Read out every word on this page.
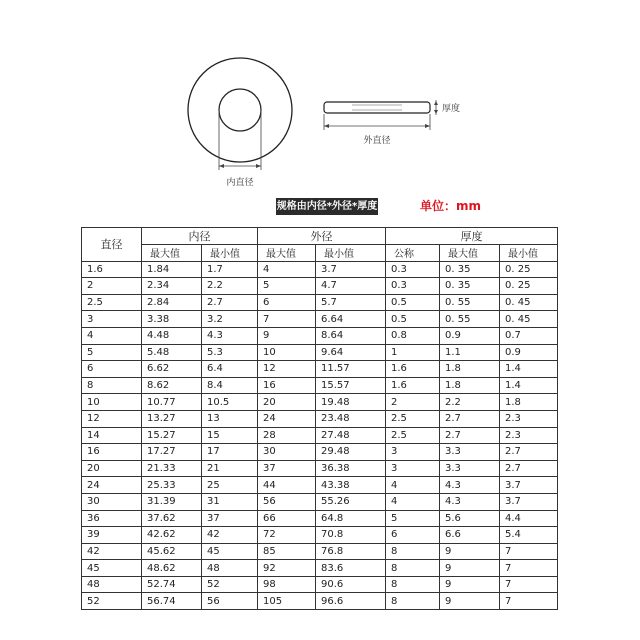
内直径
外直径
厚度
规格由内径*外径*厚度	单位：mm
直径	内径		外径		厚度		
	最大值	最小值	最大值	最小值	公称	最大值	最小值
1.6	1.84	1.7	4	3.7	0.3	0. 35	0. 25
2	2.34	2.2	5	4.7	0.3	0. 35	0. 25
2.5	2.84	2.7	6	5.7	0.5	0. 55	0. 45
3	3.38	3.2	7	6.64	0.5	0. 55	0. 45
4	4.48	4.3	9	8.64	0.8	0.9	0.7
5	5.48	5.3	10	9.64	1	1.1	0.9
6	6.62	6.4	12	11.57	1.6	1.8	1.4
8	8.62	8.4	16	15.57	1.6	1.8	1.4
10	10.77	10.5	20	19.48	2	2.2	1.8
12	13.27	13	24	23.48	2.5	2.7	2.3
14	15.27	15	28	27.48	2.5	2.7	2.3
16	17.27	17	30	29.48	3	3.3	2.7
20	21.33	21	37	36.38	3	3.3	2.7
24	25.33	25	44	43.38	4	4.3	3.7
30	31.39	31	56	55.26	4	4.3	3.7
36	37.62	37	66	64.8	5	5.6	4.4
39	42.62	42	72	70.8	6	6.6	5.4
42	45.62	45	85	76.8	8	9	7
45	48.62	48	92	83.6	8	9	7
48	52.74	52	98	90.6	8	9	7
52	56.74	56	105	96.6	8	9	7
